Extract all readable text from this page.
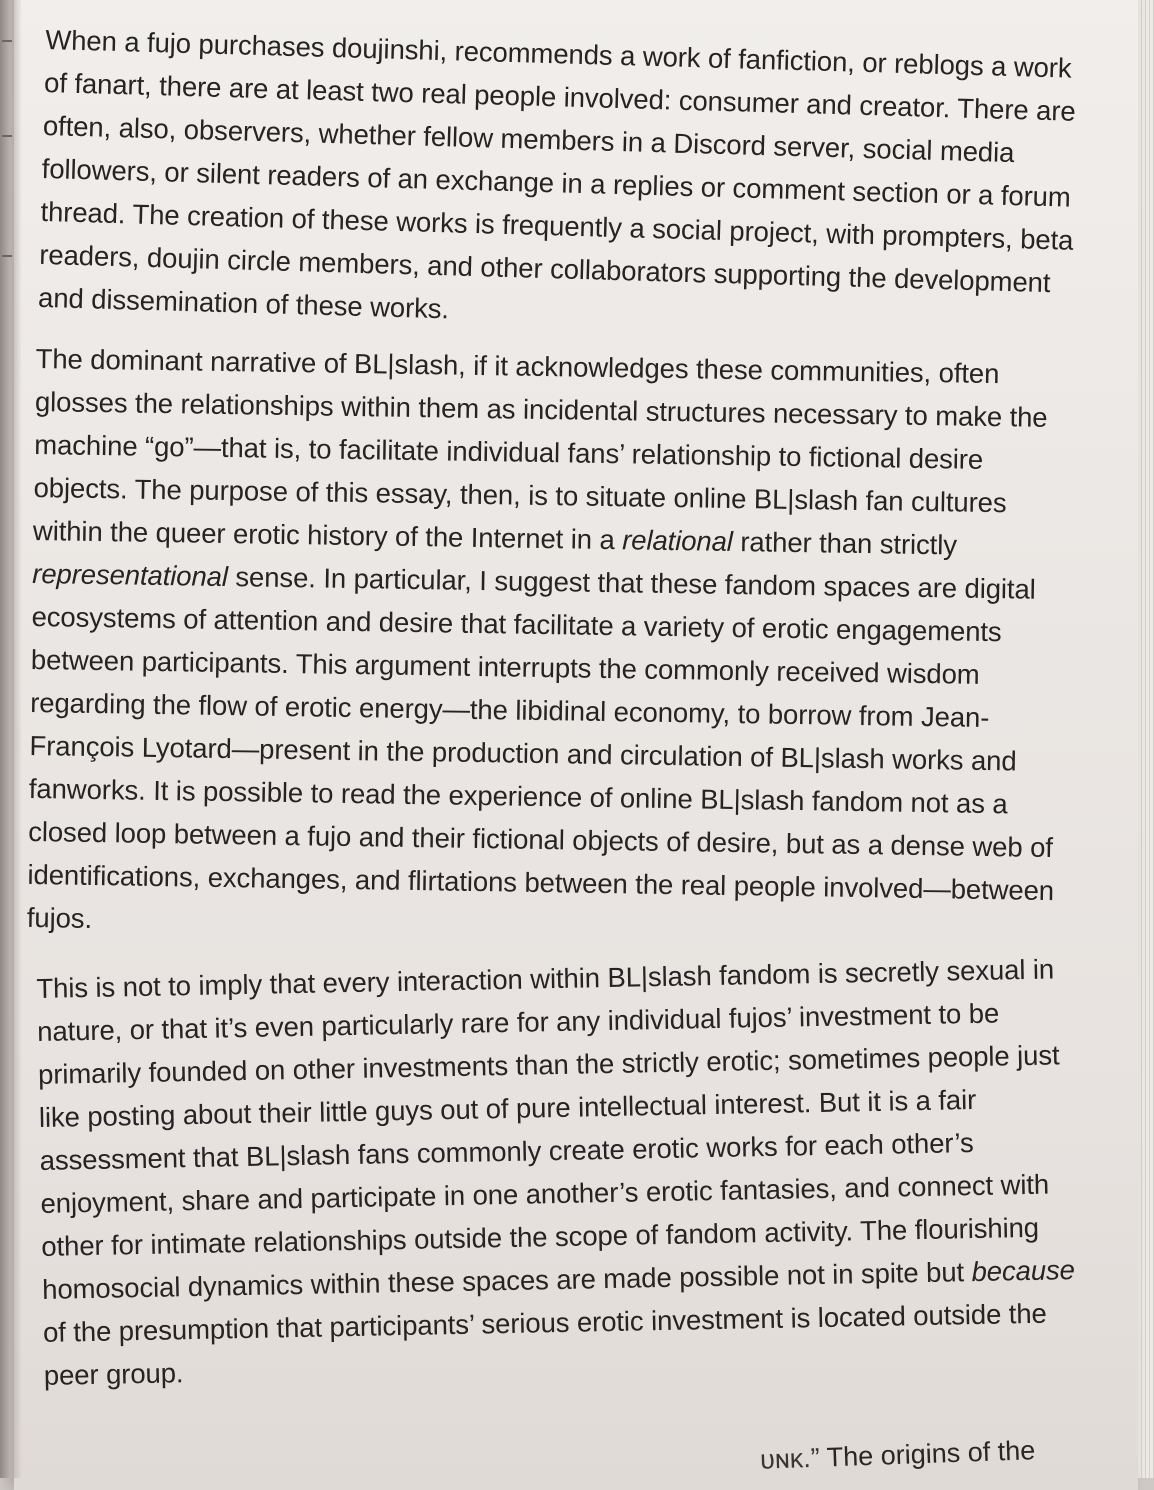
When a fujo purchases doujinshi, recommends a work of fanfiction, or reblogs a work of fanart, there are at least two real people involved: consumer and creator. There are often, also, observers, whether fellow members in a Discord server, social media followers, or silent readers of an exchange in a replies or comment section or a forum thread. The creation of these works is frequently a social project, with prompters, beta readers, doujin circle members, and other collaborators supporting the development and dissemination of these works.

The dominant narrative of BL|slash, if it acknowledges these communities, often glosses the relationships within them as incidental structures necessary to make the machine “go”—that is, to facilitate individual fans’ relationship to fictional desire objects. The purpose of this essay, then, is to situate online BL|slash fan cultures within the queer erotic history of the Internet in a relational rather than strictly representational sense. In particular, I suggest that these fandom spaces are digital ecosystems of attention and desire that facilitate a variety of erotic engagements between participants. This argument interrupts the commonly received wisdom regarding the flow of erotic energy—the libidinal economy, to borrow from Jean-François Lyotard—present in the production and circulation of BL|slash works and fanworks. It is possible to read the experience of online BL|slash fandom not as a closed loop between a fujo and their fictional objects of desire, but as a dense web of identifications, exchanges, and flirtations between the real people involved—between fujos.

This is not to imply that every interaction within BL|slash fandom is secretly sexual in nature, or that it’s even particularly rare for any individual fujos’ investment to be primarily founded on other investments than the strictly erotic; sometimes people just like posting about their little guys out of pure intellectual interest. But it is a fair assessment that BL|slash fans commonly create erotic works for each other’s enjoyment, share and participate in one another’s erotic fantasies, and connect with other for intimate relationships outside the scope of fandom activity. The flourishing homosocial dynamics within these spaces are made possible not in spite but because of the presumption that participants’ serious erotic investment is located outside the peer group.

ᴜɴᴋ.” The origins of the
